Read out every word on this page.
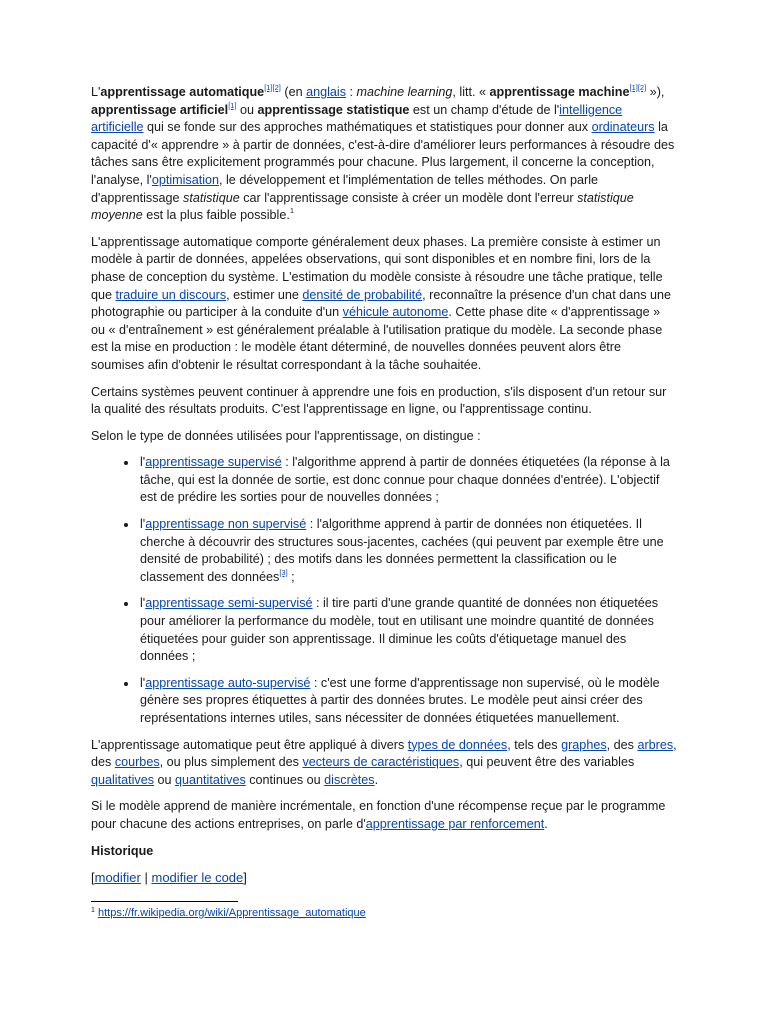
L'apprentissage automatique[1][2] (en anglais : machine learning, litt. « apprentissage machine[1][2] »), apprentissage artificiel[1] ou apprentissage statistique est un champ d'étude de l'intelligence artificielle qui se fonde sur des approches mathématiques et statistiques pour donner aux ordinateurs la capacité d'« apprendre » à partir de données, c'est-à-dire d'améliorer leurs performances à résoudre des tâches sans être explicitement programmés pour chacune. Plus largement, il concerne la conception, l'analyse, l'optimisation, le développement et l'implémentation de telles méthodes. On parle d'apprentissage statistique car l'apprentissage consiste à créer un modèle dont l'erreur statistique moyenne est la plus faible possible.$^1$

L'apprentissage automatique comporte généralement deux phases. La première consiste à estimer un modèle à partir de données, appelées observations, qui sont disponibles et en nombre fini, lors de la phase de conception du système. L'estimation du modèle consiste à résoudre une tâche pratique, telle que traduire un discours, estimer une densité de probabilité, reconnaître la présence d'un chat dans une photographie ou participer à la conduite d'un véhicule autonome. Cette phase dite « d'apprentissage » ou « d'entraînement » est généralement préalable à l'utilisation pratique du modèle. La seconde phase est la mise en production : le modèle étant déterminé, de nouvelles données peuvent alors être soumises afin d'obtenir le résultat correspondant à la tâche souhaitée.

Certains systèmes peuvent continuer à apprendre une fois en production, s'ils disposent d'un retour sur la qualité des résultats produits. C'est l'apprentissage en ligne, ou l'apprentissage continu.

Selon le type de données utilisées pour l'apprentissage, on distingue :

• l'apprentissage supervisé : l'algorithme apprend à partir de données étiquetées (la réponse à la tâche, qui est la donnée de sortie, est donc connue pour chaque données d'entrée). L'objectif est de prédire les sorties pour de nouvelles données ;
• l'apprentissage non supervisé : l'algorithme apprend à partir de données non étiquetées. Il cherche à découvrir des structures sous-jacentes, cachées (qui peuvent par exemple être une densité de probabilité) ; des motifs dans les données permettent la classification ou le classement des données[3] ;
• l'apprentissage semi-supervisé : il tire parti d'une grande quantité de données non étiquetées pour améliorer la performance du modèle, tout en utilisant une moindre quantité de données étiquetées pour guider son apprentissage. Il diminue les coûts d'étiquetage manuel des données ;
• l'apprentissage auto-supervisé : c'est une forme d'apprentissage non supervisé, où le modèle génère ses propres étiquettes à partir des données brutes. Le modèle peut ainsi créer des représentations internes utiles, sans nécessiter de données étiquetées manuellement.

L'apprentissage automatique peut être appliqué à divers types de données, tels des graphes, des arbres, des courbes, ou plus simplement des vecteurs de caractéristiques, qui peuvent être des variables qualitatives ou quantitatives continues ou discrètes.

Si le modèle apprend de manière incrémentale, en fonction d'une récompense reçue par le programme pour chacune des actions entreprises, on parle d'apprentissage par renforcement.

Historique
[modifier | modifier le code]
$^1$ https://fr.wikipedia.org/wiki/Apprentissage_automatique
